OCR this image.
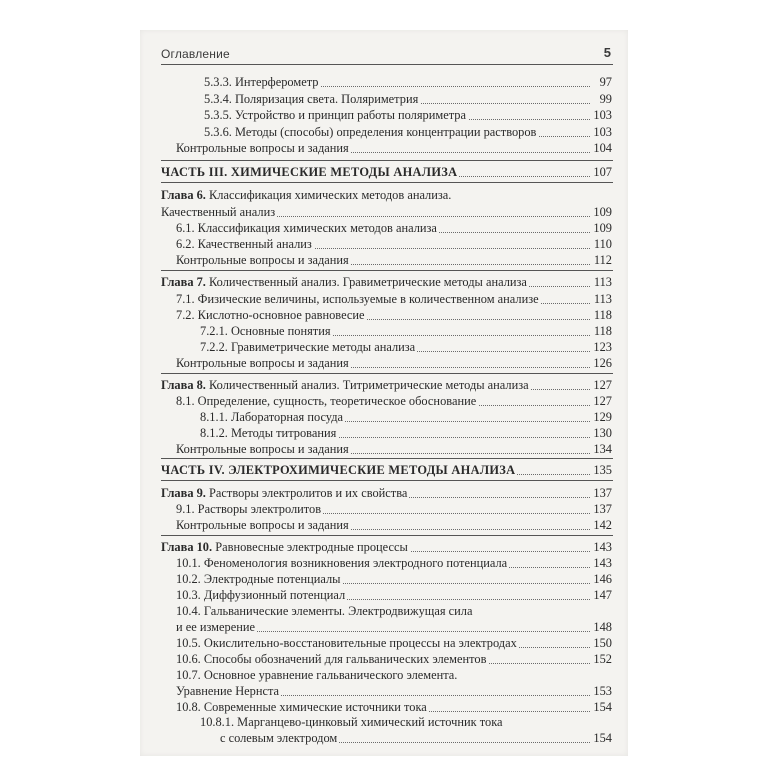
Оглавление	5
5.3.3. Интерферометр	97
5.3.4. Поляризация света. Поляриметрия	99
5.3.5. Устройство и принцип работы поляриметра	103
5.3.6. Методы (способы) определения концентрации растворов	103
Контрольные вопросы и задания	104
ЧАСТЬ III. ХИМИЧЕСКИЕ МЕТОДЫ АНАЛИЗА	107
Глава 6. Классификация химических методов анализа.
Качественный анализ	109
6.1. Классификация химических методов анализа	109
6.2. Качественный анализ	110
Контрольные вопросы и задания	112
Глава 7. Количественный анализ. Гравиметрические методы анализа	113
7.1. Физические величины, используемые в количественном анализе	113
7.2. Кислотно-основное равновесие	118
7.2.1. Основные понятия	118
7.2.2. Гравиметрические методы анализа	123
Контрольные вопросы и задания	126
Глава 8. Количественный анализ. Титриметрические методы анализа	127
8.1. Определение, сущность, теоретическое обоснование	127
8.1.1. Лабораторная посуда	129
8.1.2. Методы титрования	130
Контрольные вопросы и задания	134
ЧАСТЬ IV. ЭЛЕКТРОХИМИЧЕСКИЕ МЕТОДЫ АНАЛИЗА	135
Глава 9. Растворы электролитов и их свойства	137
9.1. Растворы электролитов	137
Контрольные вопросы и задания	142
Глава 10. Равновесные электродные процессы	143
10.1. Феноменология возникновения электродного потенциала	143
10.2. Электродные потенциалы	146
10.3. Диффузионный потенциал	147
10.4. Гальванические элементы. Электродвижущая сила
и ее измерение	148
10.5. Окислительно-восстановительные процессы на электродах	150
10.6. Способы обозначений для гальванических элементов	152
10.7. Основное уравнение гальванического элемента.
Уравнение Нернста	153
10.8. Современные химические источники тока	154
10.8.1. Марганцево-цинковый химический источник тока
с солевым электродом	154
